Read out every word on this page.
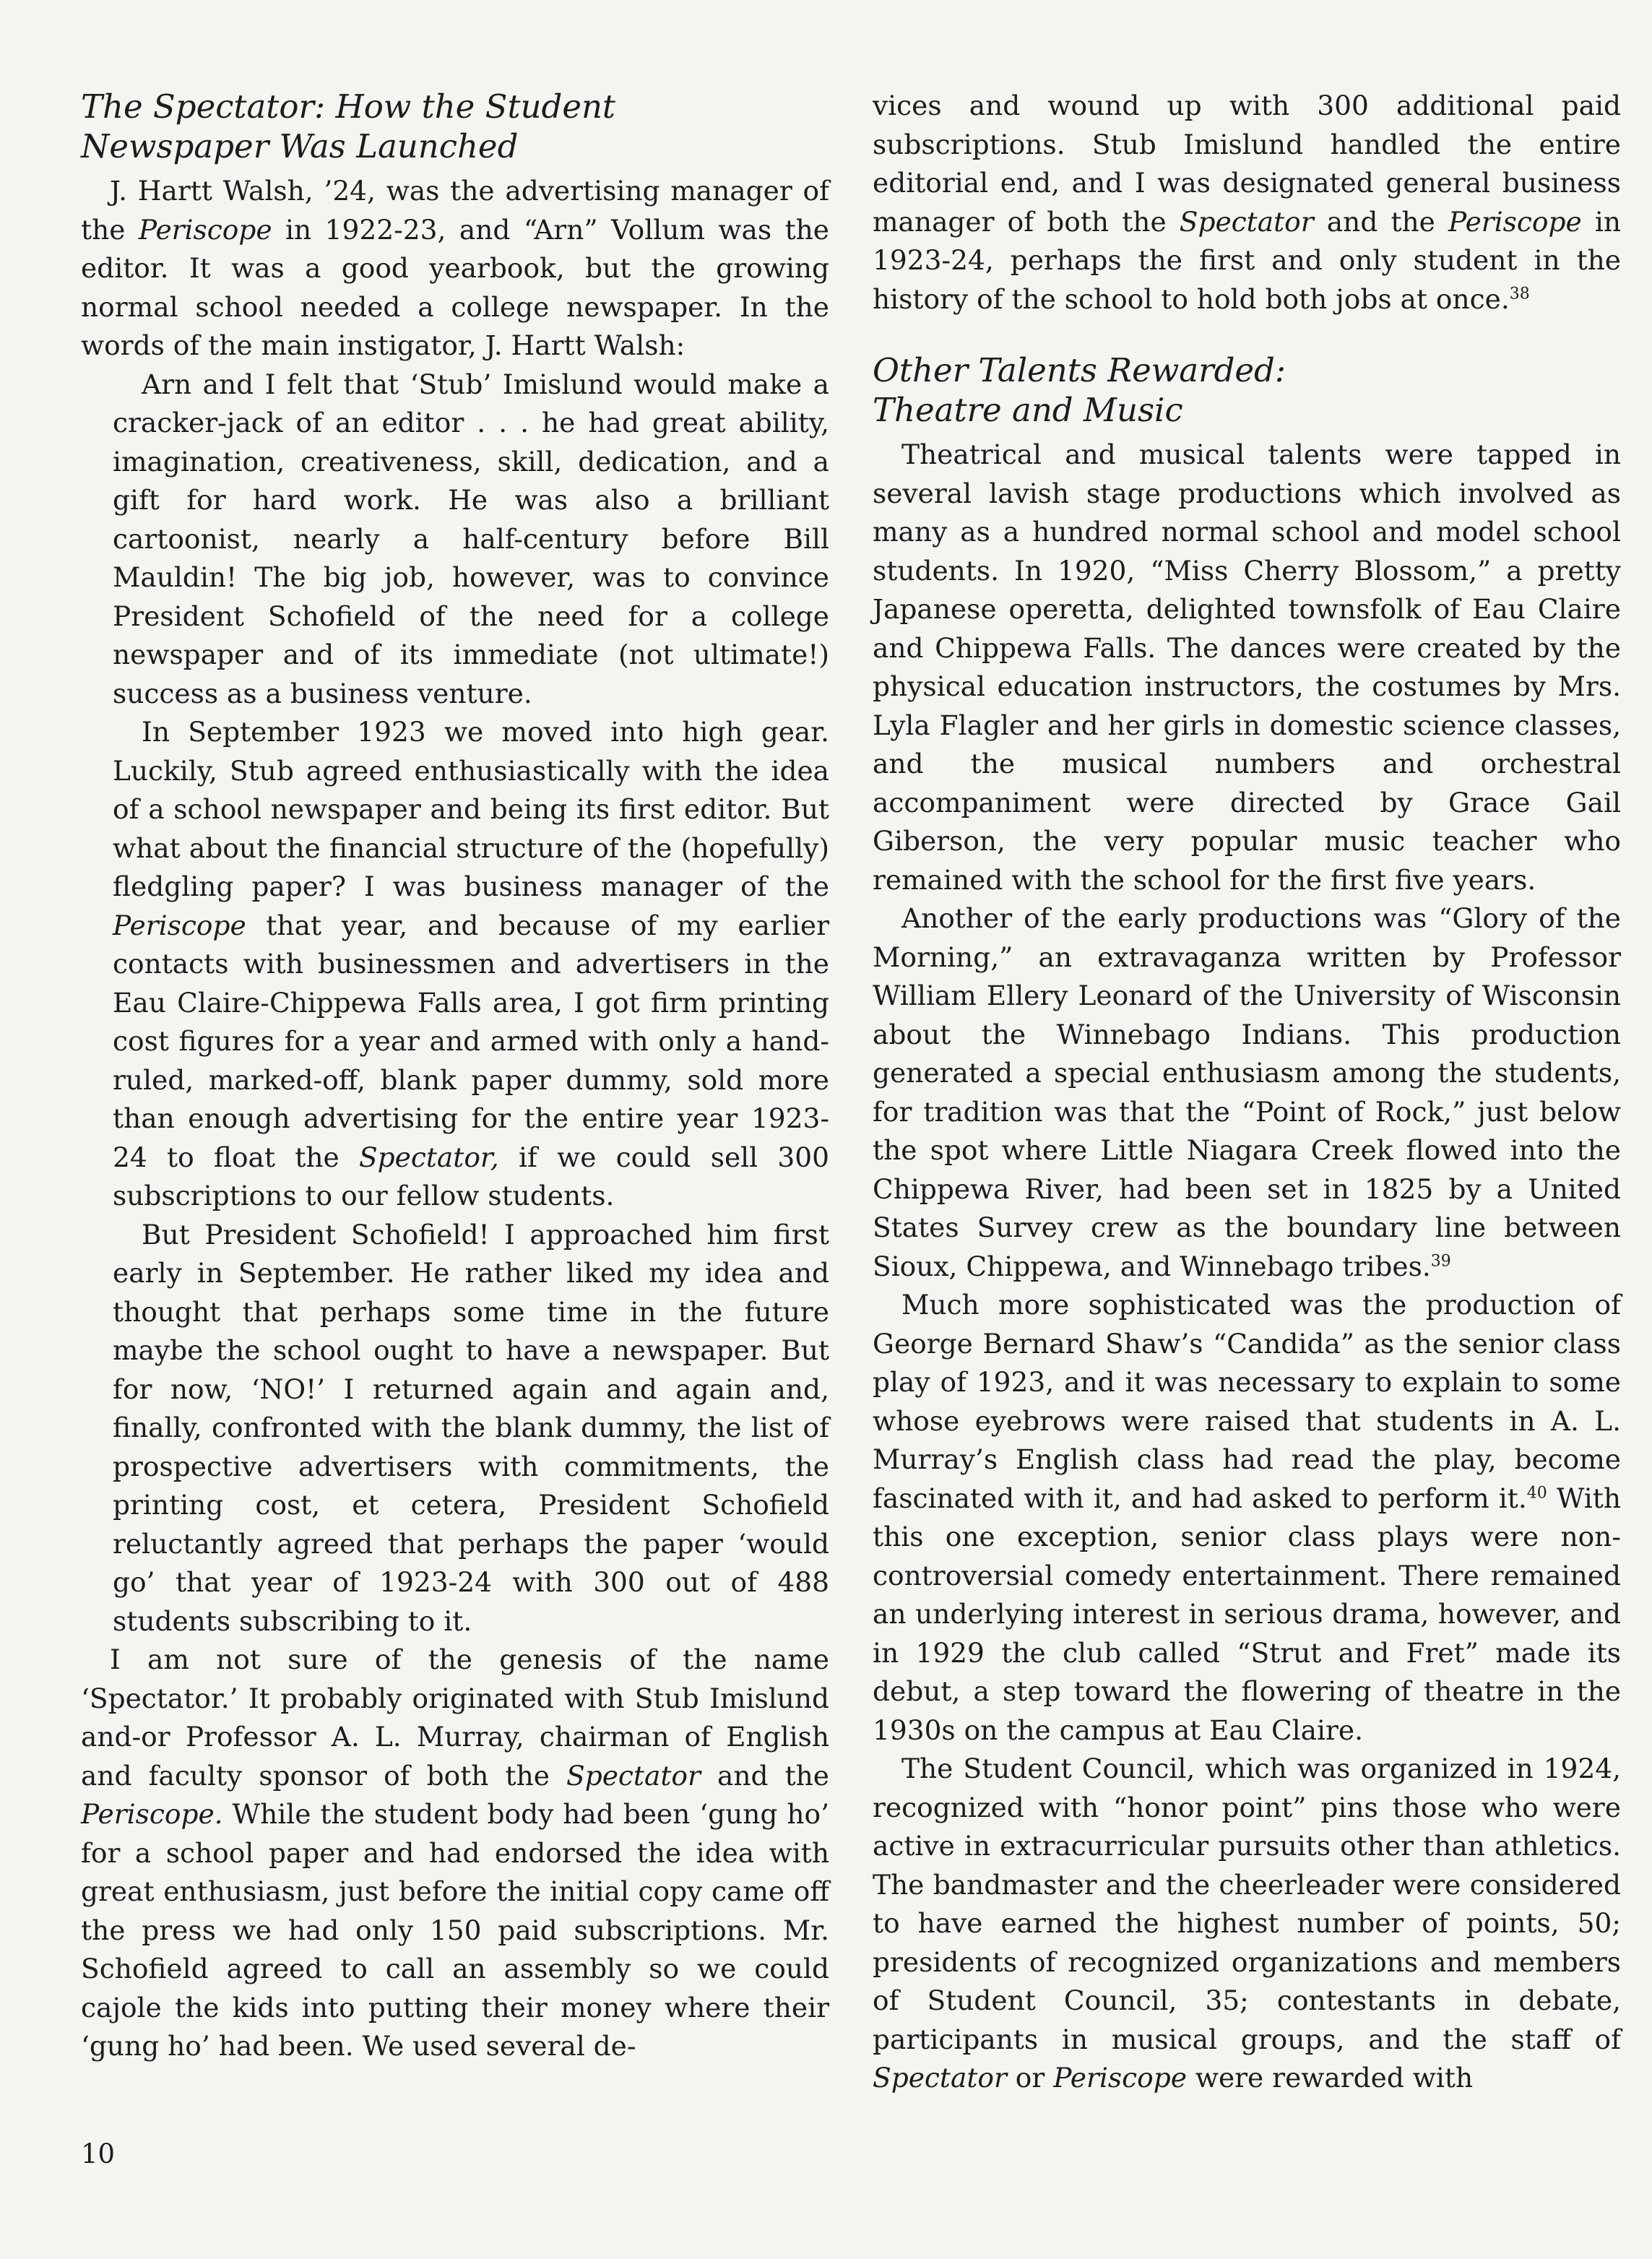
The Spectator: How the Student
Newspaper Was Launched

J. Hartt Walsh, ’24, was the advertising manager of the Periscope in 1922-23, and “Arn” Vollum was the editor. It was a good yearbook, but the growing normal school needed a college newspaper. In the words of the main instigator, J. Hartt Walsh:

Arn and I felt that ‘Stub’ Imislund would make a cracker-jack of an editor . . . he had great ability, imagination, creativeness, skill, dedication, and a gift for hard work. He was also a brilliant cartoonist, nearly a half-century before Bill Mauldin! The big job, however, was to convince President Schofield of the need for a college newspaper and of its immediate (not ultimate!) success as a business venture.

In September 1923 we moved into high gear. Luckily, Stub agreed enthusiastically with the idea of a school newspaper and being its first editor. But what about the financial structure of the (hopefully) fledgling paper? I was business manager of the Periscope that year, and because of my earlier contacts with businessmen and advertisers in the Eau Claire-Chippewa Falls area, I got firm printing cost figures for a year and armed with only a hand-ruled, marked-off, blank paper dummy, sold more than enough advertising for the entire year 1923-24 to float the Spectator, if we could sell 300 subscriptions to our fellow students.

But President Schofield! I approached him first early in September. He rather liked my idea and thought that perhaps some time in the future maybe the school ought to have a newspaper. But for now, ‘NO!’ I returned again and again and, finally, confronted with the blank dummy, the list of prospective advertisers with commitments, the printing cost, et cetera, President Schofield reluctantly agreed that perhaps the paper ‘would go’ that year of 1923-24 with 300 out of 488 students subscribing to it.

I am not sure of the genesis of the name ‘Spectator.’ It probably originated with Stub Imislund and-or Professor A. L. Murray, chairman of English and faculty sponsor of both the Spectator and the Periscope. While the student body had been ‘gung ho’ for a school paper and had endorsed the idea with great enthusiasm, just before the initial copy came off the press we had only 150 paid subscriptions. Mr. Schofield agreed to call an assembly so we could cajole the kids into putting their money where their ‘gung ho’ had been. We used several de-

vices and wound up with 300 additional paid subscriptions. Stub Imislund handled the entire editorial end, and I was designated general business manager of both the Spectator and the Periscope in 1923-24, perhaps the first and only student in the history of the school to hold both jobs at once.$^{38}$

Other Talents Rewarded:
Theatre and Music

Theatrical and musical talents were tapped in several lavish stage productions which involved as many as a hundred normal school and model school students. In 1920, “Miss Cherry Blossom,” a pretty Japanese operetta, delighted townsfolk of Eau Claire and Chippewa Falls. The dances were created by the physical education instructors, the costumes by Mrs. Lyla Flagler and her girls in domestic science classes, and the musical numbers and orchestral accompaniment were directed by Grace Gail Giberson, the very popular music teacher who remained with the school for the first five years.

Another of the early productions was “Glory of the Morning,” an extravaganza written by Professor William Ellery Leonard of the University of Wisconsin about the Winnebago Indians. This production generated a special enthusiasm among the students, for tradition was that the “Point of Rock,” just below the spot where Little Niagara Creek flowed into the Chippewa River, had been set in 1825 by a United States Survey crew as the boundary line between Sioux, Chippewa, and Winnebago tribes.$^{39}$

Much more sophisticated was the production of George Bernard Shaw’s “Candida” as the senior class play of 1923, and it was necessary to explain to some whose eyebrows were raised that students in A. L. Murray’s English class had read the play, become fascinated with it, and had asked to perform it.$^{40}$ With this one exception, senior class plays were non-controversial comedy entertainment. There remained an underlying interest in serious drama, however, and in 1929 the club called “Strut and Fret” made its debut, a step toward the flowering of theatre in the 1930s on the campus at Eau Claire.

The Student Council, which was organized in 1924, recognized with “honor point” pins those who were active in extracurricular pursuits other than athletics. The bandmaster and the cheerleader were considered to have earned the highest number of points, 50; presidents of recognized organizations and members of Student Council, 35; contestants in debate, participants in musical groups, and the staff of Spectator or Periscope were rewarded with

10
